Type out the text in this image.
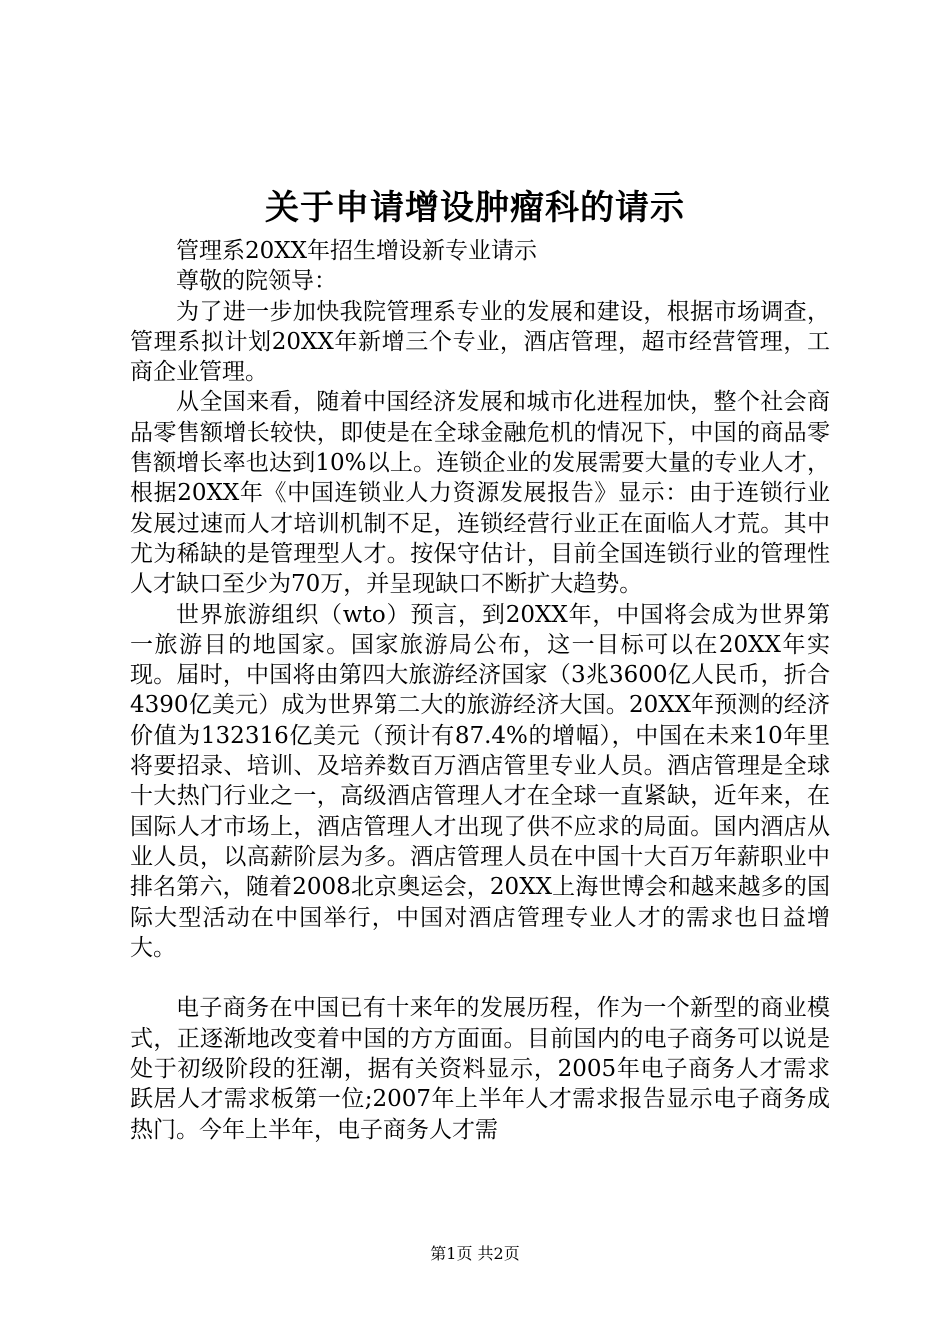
关于申请增设肿瘤科的请示

管理系20XX年招生增设新专业请示

尊敬的院领导：

为了进一步加快我院管理系专业的发展和建设，根据市场调查，管理系拟计划20XX年新增三个专业，酒店管理，超市经营管理，工商企业管理。

从全国来看，随着中国经济发展和城市化进程加快，整个社会商品零售额增长较快，即使是在全球金融危机的情况下，中国的商品零售额增长率也达到10%以上。连锁企业的发展需要大量的专业人才，根据20XX年《中国连锁业人力资源发展报告》显示：由于连锁行业发展过速而人才培训机制不足，连锁经营行业正在面临人才荒。其中尤为稀缺的是管理型人才。按保守估计，目前全国连锁行业的管理性人才缺口至少为70万，并呈现缺口不断扩大趋势。

世界旅游组织（wto）预言，到20XX年，中国将会成为世界第一旅游目的地国家。国家旅游局公布，这一目标可以在20XX年实现。届时，中国将由第四大旅游经济国家（3兆3600亿人民币，折合4390亿美元）成为世界第二大的旅游经济大国。20XX年预测的经济价值为132316亿美元（预计有87.4%的增幅），中国在未来10年里将要招录、培训、及培养数百万酒店管里专业人员。酒店管理是全球十大热门行业之一，高级酒店管理人才在全球一直紧缺，近年来，在国际人才市场上，酒店管理人才出现了供不应求的局面。国内酒店从业人员，以高薪阶层为多。酒店管理人员在中国十大百万年薪职业中排名第六，随着2008北京奥运会，20XX上海世博会和越来越多的国际大型活动在中国举行，中国对酒店管理专业人才的需求也日益增大。

电子商务在中国已有十来年的发展历程，作为一个新型的商业模式，正逐渐地改变着中国的方方面面。目前国内的电子商务可以说是处于初级阶段的狂潮，据有关资料显示，2005年电子商务人才需求跃居人才需求板第一位;2007年上半年人才需求报告显示电子商务成热门。今年上半年，电子商务人才需

第1页 共2页
